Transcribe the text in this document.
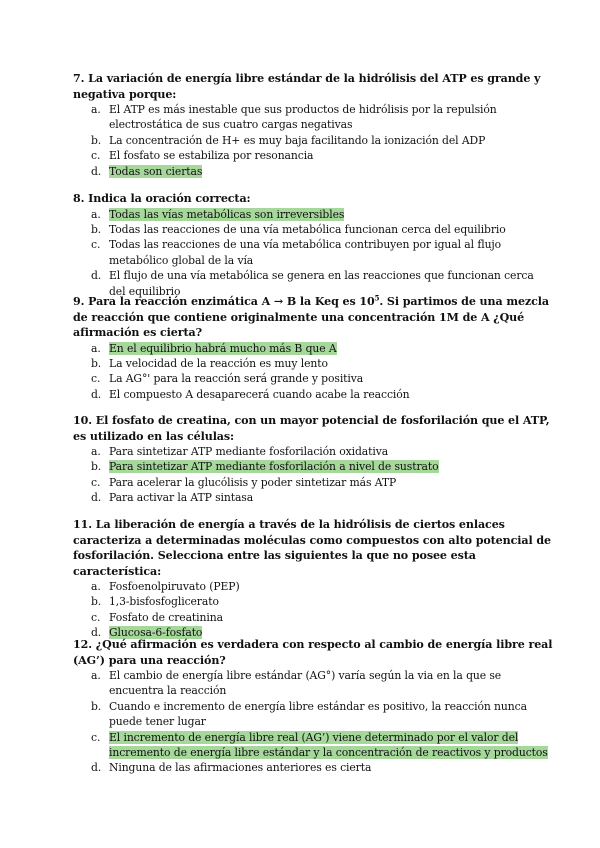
7. La variación de energía libre estándar de la hidrólisis del ATP es grande y negativa porque:

a. El ATP es más inestable que sus productos de hidrólisis por la repulsión electrostática de sus cuatro cargas negativas
b. La concentración de H+ es muy baja facilitando la ionización del ADP
c. El fosfato se estabiliza por resonancia
d. Todas son ciertas

8. Indica la oración correcta:

a. Todas las vías metabólicas son irreversibles
b. Todas las reacciones de una vía metabólica funcionan cerca del equilibrio
c. Todas las reacciones de una vía metabólica contribuyen por igual al flujo metabólico global de la vía
d. El flujo de una vía metabólica se genera en las reacciones que funcionan cerca del equilibrio

9. Para la reacción enzimática A → B la Keq es $10^5$. Si partimos de una mezcla de reacción que contiene originalmente una concentración 1M de A ¿Qué afirmación es cierta?

a. En el equilibrio habrá mucho más B que A
b. La velocidad de la reacción es muy lento
c. La AG°' para la reacción será grande y positiva
d. El compuesto A desaparecerá cuando acabe la reacción

10. El fosfato de creatina, con un mayor potencial de fosforilación que el ATP, es utilizado en las células:

a. Para sintetizar ATP mediante fosforilación oxidativa
b. Para sintetizar ATP mediante fosforilación a nivel de sustrato
c. Para acelerar la glucólisis y poder sintetizar más ATP
d. Para activar la ATP sintasa

11. La liberación de energía a través de la hidrólisis de ciertos enlaces caracteriza a determinadas moléculas como compuestos con alto potencial de fosforilación. Selecciona entre las siguientes la que no posee esta característica:

a. Fosfoenolpiruvato (PEP)
b. 1,3-bisfosfoglicerato
c. Fosfato de creatinina
d. Glucosa-6-fosfato

12. ¿Qué afirmación es verdadera con respecto al cambio de energía libre real (AG’) para una reacción?

a. El cambio de energía libre estándar (AG°) varía según la via en la que se encuentra la reacción
b. Cuando e incremento de energía libre estándar es positivo, la reacción nunca puede tener lugar
c. El incremento de energía libre real (AG’) viene determinado por el valor del incremento de energía libre estándar y la concentración de reactivos y productos
d. Ninguna de las afirmaciones anteriores es cierta
